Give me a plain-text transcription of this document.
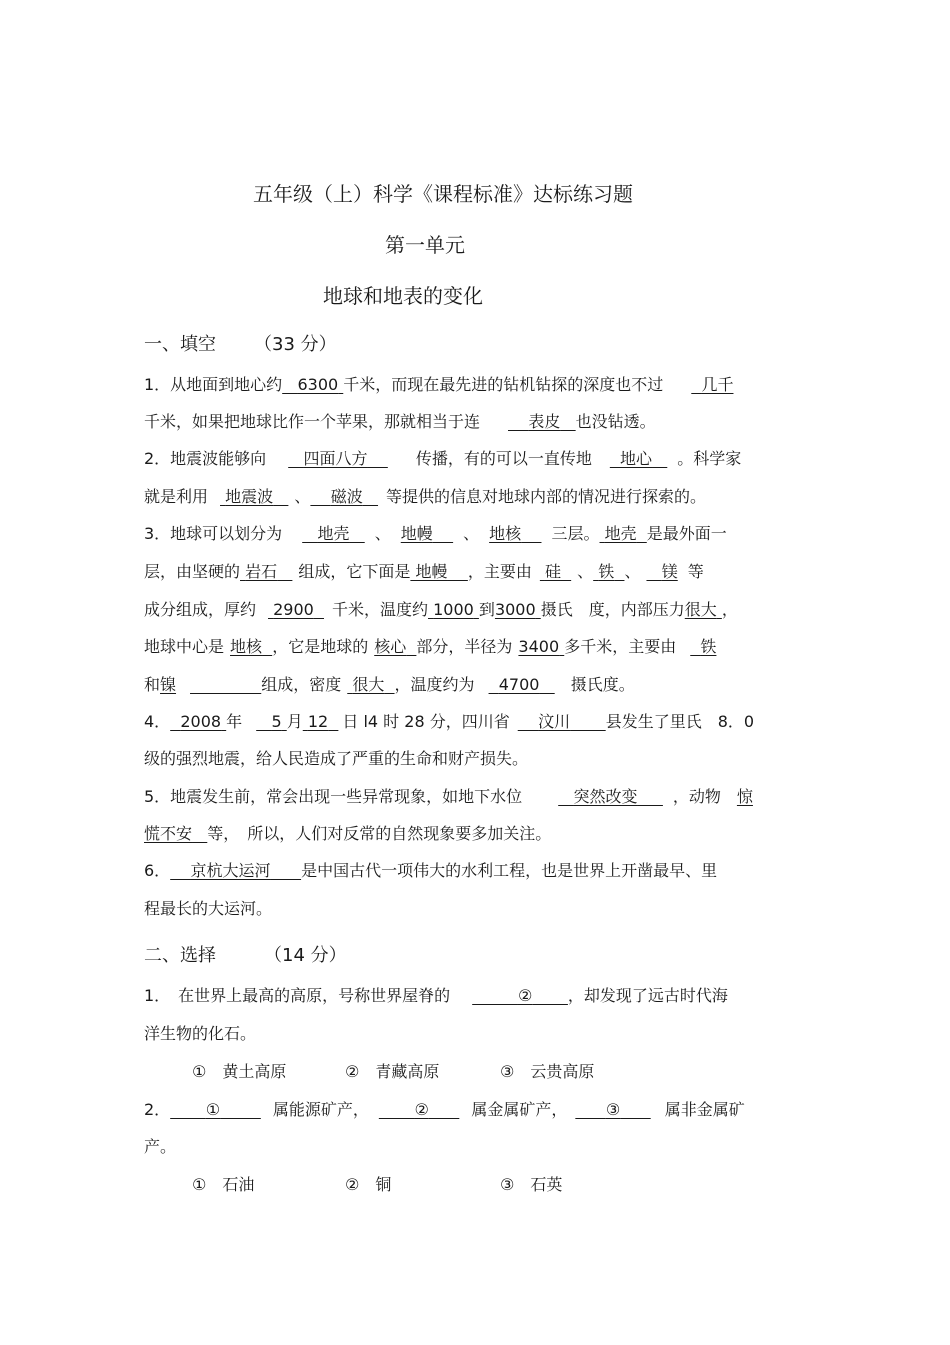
五年级（上）科学《课程标准》达标练习题
第一单元
地球和地表的变化
一、填空 （33 分）
1．从地面到地心约 6300 千米，而现在最先进的钻机钻探的深度也不过 几千
千米，如果把地球比作一个苹果，那就相当于连	表皮 也没钻透。
2．地震波能够向 四面八方	传播，有的可以一直传地 地心 。科学家
就是利用 地震波 、 磁波 等提供的信息对地球内部的情况进行探索的。
3．地球可以划分为 地壳 、 地幔 、 地核 三层。 地壳 是最外面一
层，由坚硬的 岩石 组成，它下面是 地幔 ，主要由 硅 、 铁 、 镁 等
成分组成，厚约 2900 千米，温度约 1000 到3000 摄氏　度，内部压力很大 ，
地球中心是 地核 ，它是地球的 核心 部分，半径为 3400 多千米，主要由 铁
和镍	组成，密度 很大 ，温度约为 4700 摄氏度。
4． 2008 年 5 月 12 日 l4 时 28 分，四川省 汶川 县发生了里氏　8．0
级的强烈地震，给人民造成了严重的生命和财产损失。
5．地震发生前，常会出现一些异常现象，如地下水位	突然改变 ，动物 惊
慌不安 等，　所以，人们对反常的自然现象要多加关注。
6． 京杭大运河 是中国古代一项伟大的水利工程，也是世界上开凿最早、里
程最长的大运河。
二、选择	（14 分）
1．　在世界上最高的高原，号称世界屋脊的	② ，却发现了远古时代海
洋生物的化石。
①　黄土高原	②　青藏高原	③　云贵高原
2． ①	属能源矿产，	②	属金属矿产， ③	属非金属矿
产。
①　石油	②　铜	③　石英
